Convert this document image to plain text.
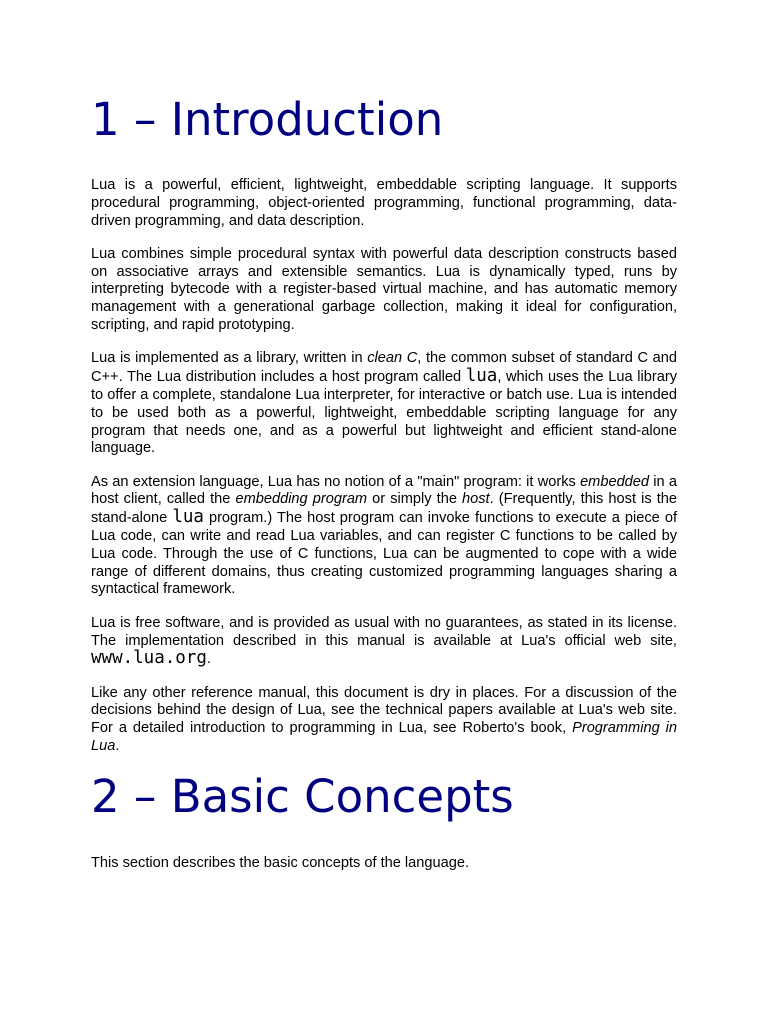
1 – Introduction

Lua is a powerful, efficient, lightweight, embeddable scripting language. It supports procedural programming, object-oriented programming, functional programming, data-driven programming, and data description.

Lua combines simple procedural syntax with powerful data description constructs based on associative arrays and extensible semantics. Lua is dynamically typed, runs by interpreting bytecode with a register-based virtual machine, and has automatic memory management with a generational garbage collection, making it ideal for configuration, scripting, and rapid prototyping.

Lua is implemented as a library, written in clean C, the common subset of standard C and C++. The Lua distribution includes a host program called lua, which uses the Lua library to offer a complete, standalone Lua interpreter, for interactive or batch use. Lua is intended to be used both as a powerful, lightweight, embeddable scripting language for any program that needs one, and as a powerful but lightweight and efficient stand-alone language.

As an extension language, Lua has no notion of a "main" program: it works embedded in a host client, called the embedding program or simply the host. (Frequently, this host is the stand-alone lua program.) The host program can invoke functions to execute a piece of Lua code, can write and read Lua variables, and can register C functions to be called by Lua code. Through the use of C functions, Lua can be augmented to cope with a wide range of different domains, thus creating customized programming languages sharing a syntactical framework.

Lua is free software, and is provided as usual with no guarantees, as stated in its license. The implementation described in this manual is available at Lua's official web site, www.lua.org.

Like any other reference manual, this document is dry in places. For a discussion of the decisions behind the design of Lua, see the technical papers available at Lua's web site. For a detailed introduction to programming in Lua, see Roberto's book, Programming in Lua.

2 – Basic Concepts

This section describes the basic concepts of the language.
